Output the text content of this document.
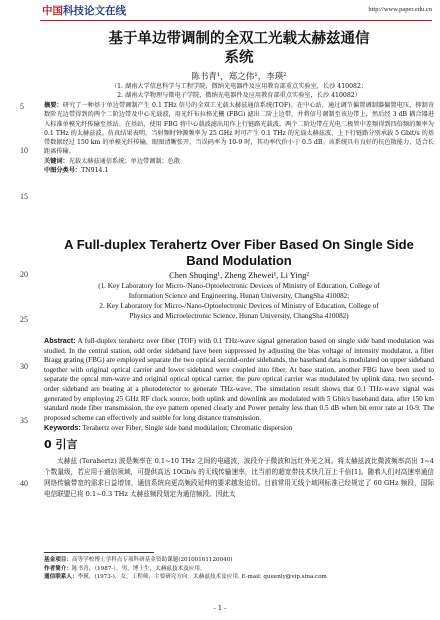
中国科技论文在线	http://www.paper.edu.cn
5
10
15
20
25
30
35
40
基于单边带调制的全双工光载太赫兹通信
系统
陈书青¹，郑之伟¹，李瑛²
（1. 湖南大学信息科学与工程学院，微纳光电器件及应用教育部重点实验室，长沙 410082；
2. 湖南大学物理与微电子学院，微纳光电器件及应用教育部重点实验室，长沙 410082）
摘要：研究了一种基于单边带调制产生 0.1 THz 信号的全双工光载太赫兹通信系统(TOF)。在中心站，通过调节偏置调制器偏置电压，抑制奇数阶光边带得到的两个二阶边带及中心光载波，用光纤布拉格光栅 (FBG) 滤出二阶上边带，并将信号调制至该边带上，然后经 3 dB 耦合器进入标准单模光纤传输至基站。在基站，使用 FBG 将中心载波滤出用作上行链路光载波，两个二阶边带在光电二极管中差频得到四倍频的频率为 0.1 THz 的太赫兹波。仿真结果表明，当射频时钟源频率为 25 GHz 时可产生 0.1 THz 的光载太赫兹波，上下行链路分别承载 5 Gbit/s 的基带数据经过 150 km 的单模光纤传输，眼图清晰张开，当误码率为 10-9 时，其功率代价小于 0.5 dB。该系统具有良好的抗色散能力，适合长距离传输。
关键词：光载太赫兹通信系统；单边带调制；色散
中图分类号：TN914.1
A Full-duplex Terahertz Over Fiber Based On Single Side
Band Modulation
Chen Shuqing¹, Zheng Zhewei¹, Li Ying²
(1. Key Laboratory for Micro-/Nano-Optoelectronic Devices of Ministry of Education, College of
Information Science and Engineering, Hunan University, ChangSha 410082;
2. Key Laboratory for Micro-/Nano-Optoelectronic Devices of Ministry of Education, College of
Physics and Microelectronic Science, Hunan University, ChangSha 410082)
Abstract: A full-duplex terahertz over fiber (TOF) with 0.1 THz-wave signal generation based on single side band modulation was studied. In the central station, odd order sideband have been suppressed by adjusting the bias voltage of intensity modulator, a fiber Bragg grating (FBG) are employed separate the two optical second-order sidebands, the baseband data is modulated on upper sideband together with original optical carrier and lower sideband were coupled into fiber. At base station, another FBG have been used to separate the optcal mm-wave and original optical optical carrier. the pure optical carrier was modulated by uplink data. two second-order sideband are beating at a photodetector to generate THz-wave. The simulation result shows that 0.1 THz-wave signal was generated by employing 25 GHz RF clock source, both uplink and downlink are modulated with 5 Gbit/s baseband data. after 150 km standard mode fiber transmission, the eye pattern opened clearly and Power penalty less than 0.5 dB when bit error rate at 10-9. The proposed scheme can effectively and suitble for long distance transmission.
Keywords: Terahertz over Fiber; Single side band modulation; Chromatic dispersion
0 引言
太赫兹 (Terahertz) 波是频率在 0.1~10 THz 之间的电磁波，波段介于微波和远红外光之间。将太赫兹波比微波频率高出 1~4 个数量级，若应用于通信领域，可提供高达 10Gb/s 的无线传输速率，比当前的超宽带技术快几百上千倍[1]。随着人们对高速率通信网络传输带宽的需求日益增加，通信系统向更高频段延伸的要求越发迫切。目前常用无线个域网标准已经规定了 60 GHz 频段，国际电信联盟已将 0.1~0.3 THz 太赫兹频段划定为通信频段。因此太
基金项目：高等学校博士学科点专项科研基金资助课题(20100161120040)
作者简介：陈书青，（1987-），男，博士生，太赫兹技术及应用。
通信联系人：李瑛，(1973-)，女，工程师，主要研究方向：太赫兹技术及应用. E-mail: queenly@vip.sina.com
- 1 -
